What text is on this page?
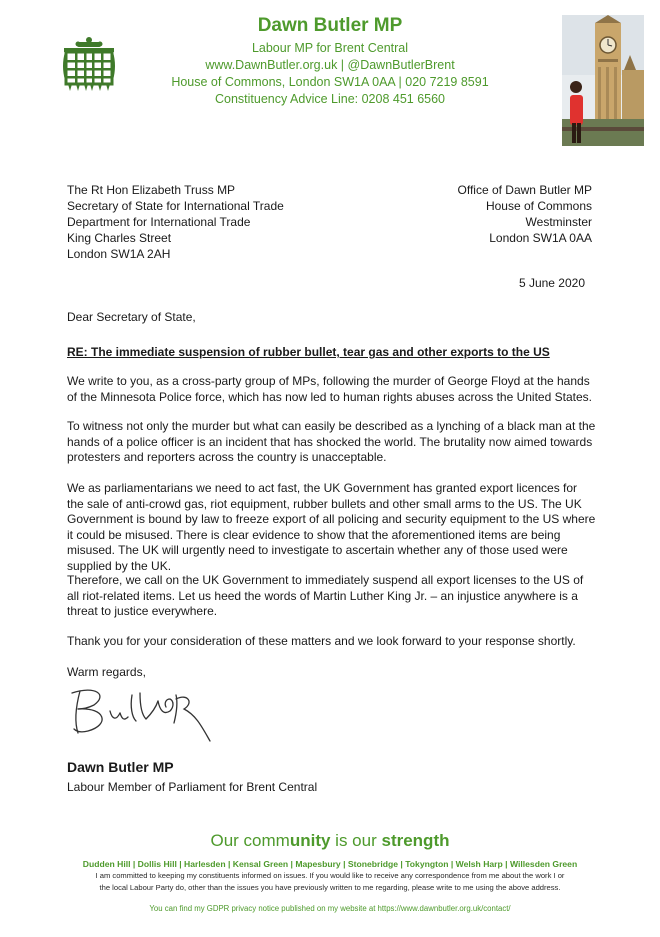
Dawn Butler MP
Labour MP for Brent Central
www.DawnButler.org.uk | @DawnButlerBrent
House of Commons, London SW1A 0AA | 020 7219 8591
Constituency Advice Line: 0208 451 6560
The Rt Hon Elizabeth Truss MP
Secretary of State for International Trade
Department for International Trade
King Charles Street
London SW1A 2AH
Office of Dawn Butler MP
House of Commons
Westminster
London SW1A 0AA
5 June 2020
Dear Secretary of State,
RE: The immediate suspension of rubber bullet, tear gas and other exports to the US
We write to you, as a cross-party group of MPs, following the murder of George Floyd at the hands of the Minnesota Police force, which has now led to human rights abuses across the United States.
To witness not only the murder but what can easily be described as a lynching of a black man at the hands of a police officer is an incident that has shocked the world. The brutality now aimed towards protesters and reporters across the country is unacceptable.
We as parliamentarians we need to act fast, the UK Government has granted export licences for the sale of anti-crowd gas, riot equipment, rubber bullets and other small arms to the US. The UK Government is bound by law to freeze export of all policing and security equipment to the US where it could be misused. There is clear evidence to show that the aforementioned items are being misused. The UK will urgently need to investigate to ascertain whether any of those used were supplied by the UK.
Therefore, we call on the UK Government to immediately suspend all export licenses to the US of all riot-related items. Let us heed the words of Martin Luther King Jr. – an injustice anywhere is a threat to justice everywhere.
Thank you for your consideration of these matters and we look forward to your response shortly.
Warm regards,
Dawn Butler MP
Labour Member of Parliament for Brent Central
Our community is our strength
Dudden Hill | Dollis Hill | Harlesden | Kensal Green | Mapesbury | Stonebridge | Tokyngton | Welsh Harp | Willesden Green
I am committed to keeping my constituents informed on issues. If you would like to receive any correspondence from me about the work I or
the local Labour Party do, other than the issues you have previously written to me regarding, please write to me using the above address.
You can find my GDPR privacy notice published on my website at https://www.dawnbutler.org.uk/contact/
